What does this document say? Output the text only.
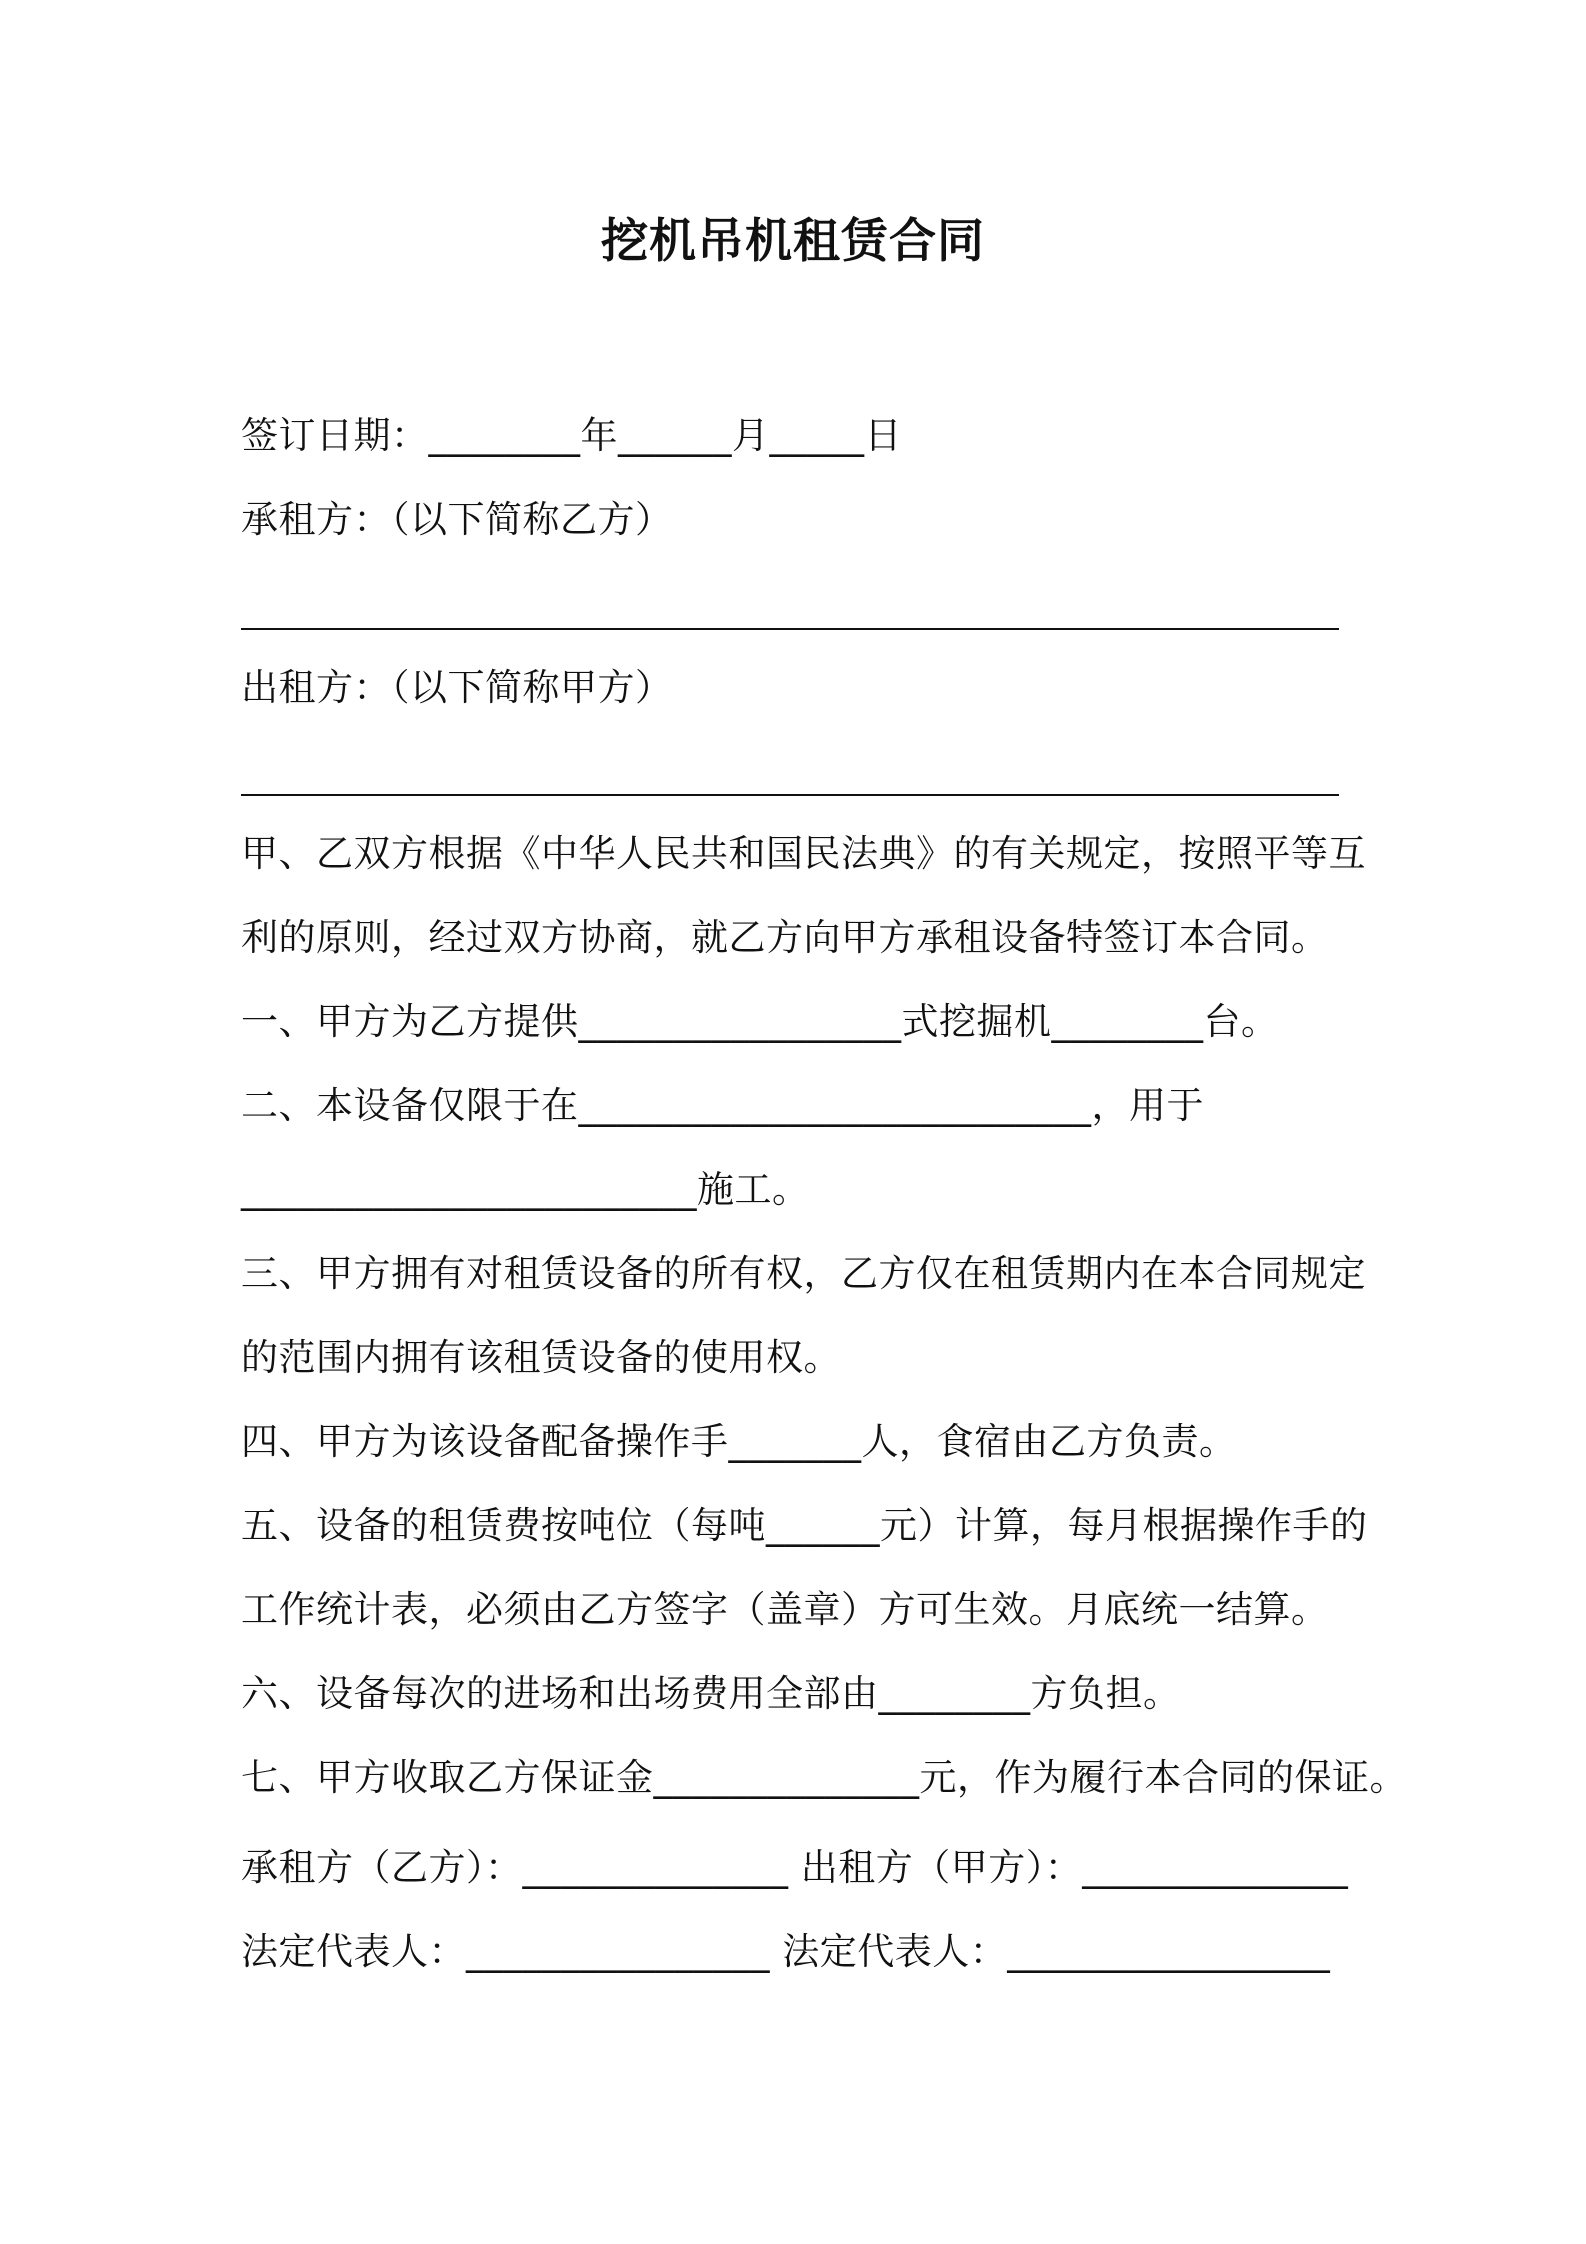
挖机吊机租赁合同
签订日期：________年______月_____日
承租方：（以下简称乙方）
出租方：（以下简称甲方）
甲、乙双方根据《中华人民共和国民法典》的有关规定，按照平等互
利的原则，经过双方协商，就乙方向甲方承租设备特签订本合同。
一、甲方为乙方提供_________________式挖掘机________台。
二、本设备仅限于在___________________________，用于
________________________施工。
三、甲方拥有对租赁设备的所有权，乙方仅在租赁期内在本合同规定
的范围内拥有该租赁设备的使用权。
四、甲方为该设备配备操作手_______人，食宿由乙方负责。
五、设备的租赁费按吨位（每吨______元）计算，每月根据操作手的
工作统计表，必须由乙方签字（盖章）方可生效。月底统一结算。
六、设备每次的进场和出场费用全部由________方负担。
七、甲方收取乙方保证金______________元，作为履行本合同的保证。
承租方（乙方）：______________ 出租方（甲方）：______________
法定代表人：________________ 法定代表人：_________________
